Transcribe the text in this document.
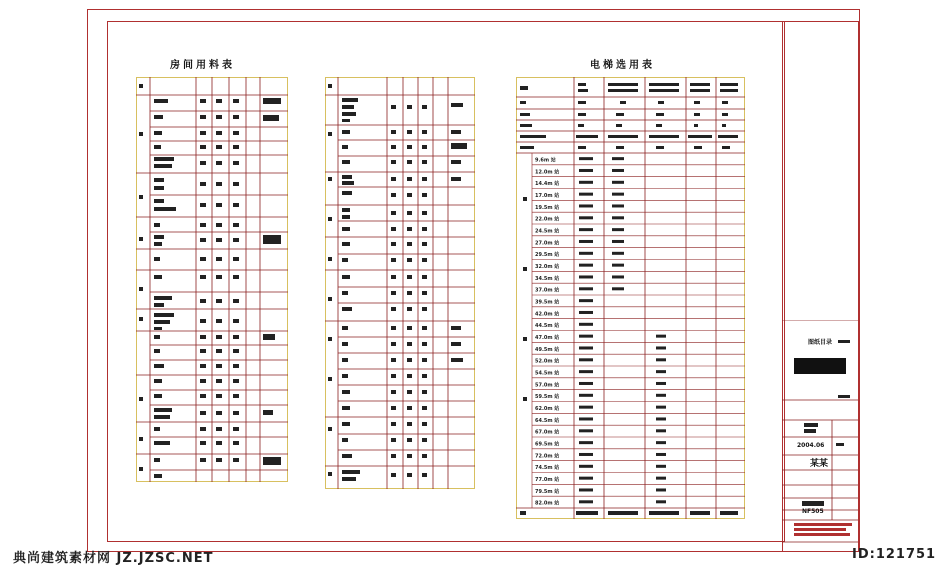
房间用料表	电梯选用表
9.6m 站
12.0m 站
14.4m 站
17.0m 站
19.5m 站
22.0m 站
24.5m 站
27.0m 站
29.5m 站
32.0m 站
34.5m 站
37.0m 站
39.5m 站
42.0m 站
44.5m 站
47.0m 站
49.5m 站
52.0m 站
54.5m 站
57.0m 站
59.5m 站
62.0m 站
64.5m 站
67.0m 站
69.5m 站
72.0m 站
74.5m 站
77.0m 站
79.5m 站
82.0m 站
图纸目录
2004.06
某某
NF505
典尚建筑素材网 JZ.JZSC.NET	ID:121751
